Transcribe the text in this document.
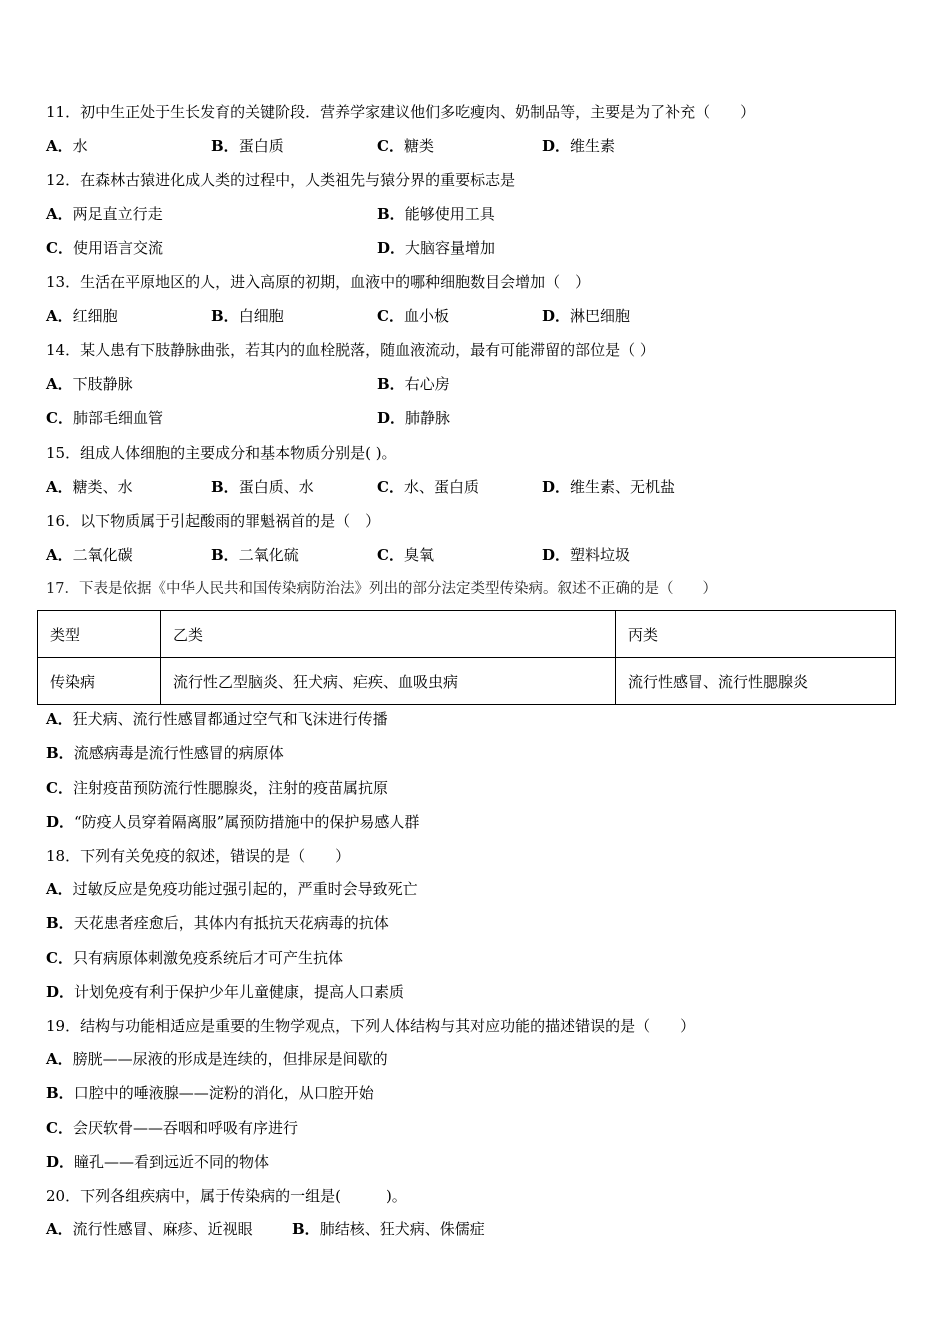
11．初中生正处于生长发育的关键阶段．营养学家建议他们多吃瘦肉、奶制品等，主要是为了补充（　　）
A．水	B．蛋白质	C．糖类	D．维生素
12．在森林古猿进化成人类的过程中，人类祖先与猿分界的重要标志是
A．两足直立行走	B．能够使用工具
C．使用语言交流	D．大脑容量增加
13．生活在平原地区的人，进入高原的初期，血液中的哪种细胞数目会增加（　）
A．红细胞	B．白细胞	C．血小板	D．淋巴细胞
14．某人患有下肢静脉曲张，若其内的血栓脱落，随血液流动，最有可能滞留的部位是（ ）
A．下肢静脉	B．右心房
C．肺部毛细血管	D．肺静脉
15．组成人体细胞的主要成分和基本物质分别是( )。
A．糖类、水	B．蛋白质、水	C．水、蛋白质	D．维生素、无机盐
16．以下物质属于引起酸雨的罪魁祸首的是（　）
A．二氧化碳	B．二氧化硫	C．臭氧	D．塑料垃圾
17．下表是依据《中华人民共和国传染病防治法》列出的部分法定类型传染病。叙述不正确的是（　　）
类型	乙类	丙类
传染病	流行性乙型脑炎、狂犬病、疟疾、血吸虫病	流行性感冒、流行性腮腺炎
A．狂犬病、流行性感冒都通过空气和飞沫进行传播
B．流感病毒是流行性感冒的病原体
C．注射疫苗预防流行性腮腺炎，注射的疫苗属抗原
D．“防疫人员穿着隔离服”属预防措施中的保护易感人群
18．下列有关免疫的叙述，错误的是（　　）
A．过敏反应是免疫功能过强引起的，严重时会导致死亡
B．天花患者痊愈后，其体内有抵抗天花病毒的抗体
C．只有病原体刺激免疫系统后才可产生抗体
D．计划免疫有利于保护少年儿童健康，提高人口素质
19．结构与功能相适应是重要的生物学观点，下列人体结构与其对应功能的描述错误的是（　　）
A．膀胱——尿液的形成是连续的，但排尿是间歇的
B．口腔中的唾液腺——淀粉的消化，从口腔开始
C．会厌软骨——吞咽和呼吸有序进行
D．瞳孔——看到远近不同的物体
20．下列各组疾病中，属于传染病的一组是(　　　)。
A．流行性感冒、麻疹、近视眼	B．肺结核、狂犬病、侏儒症
